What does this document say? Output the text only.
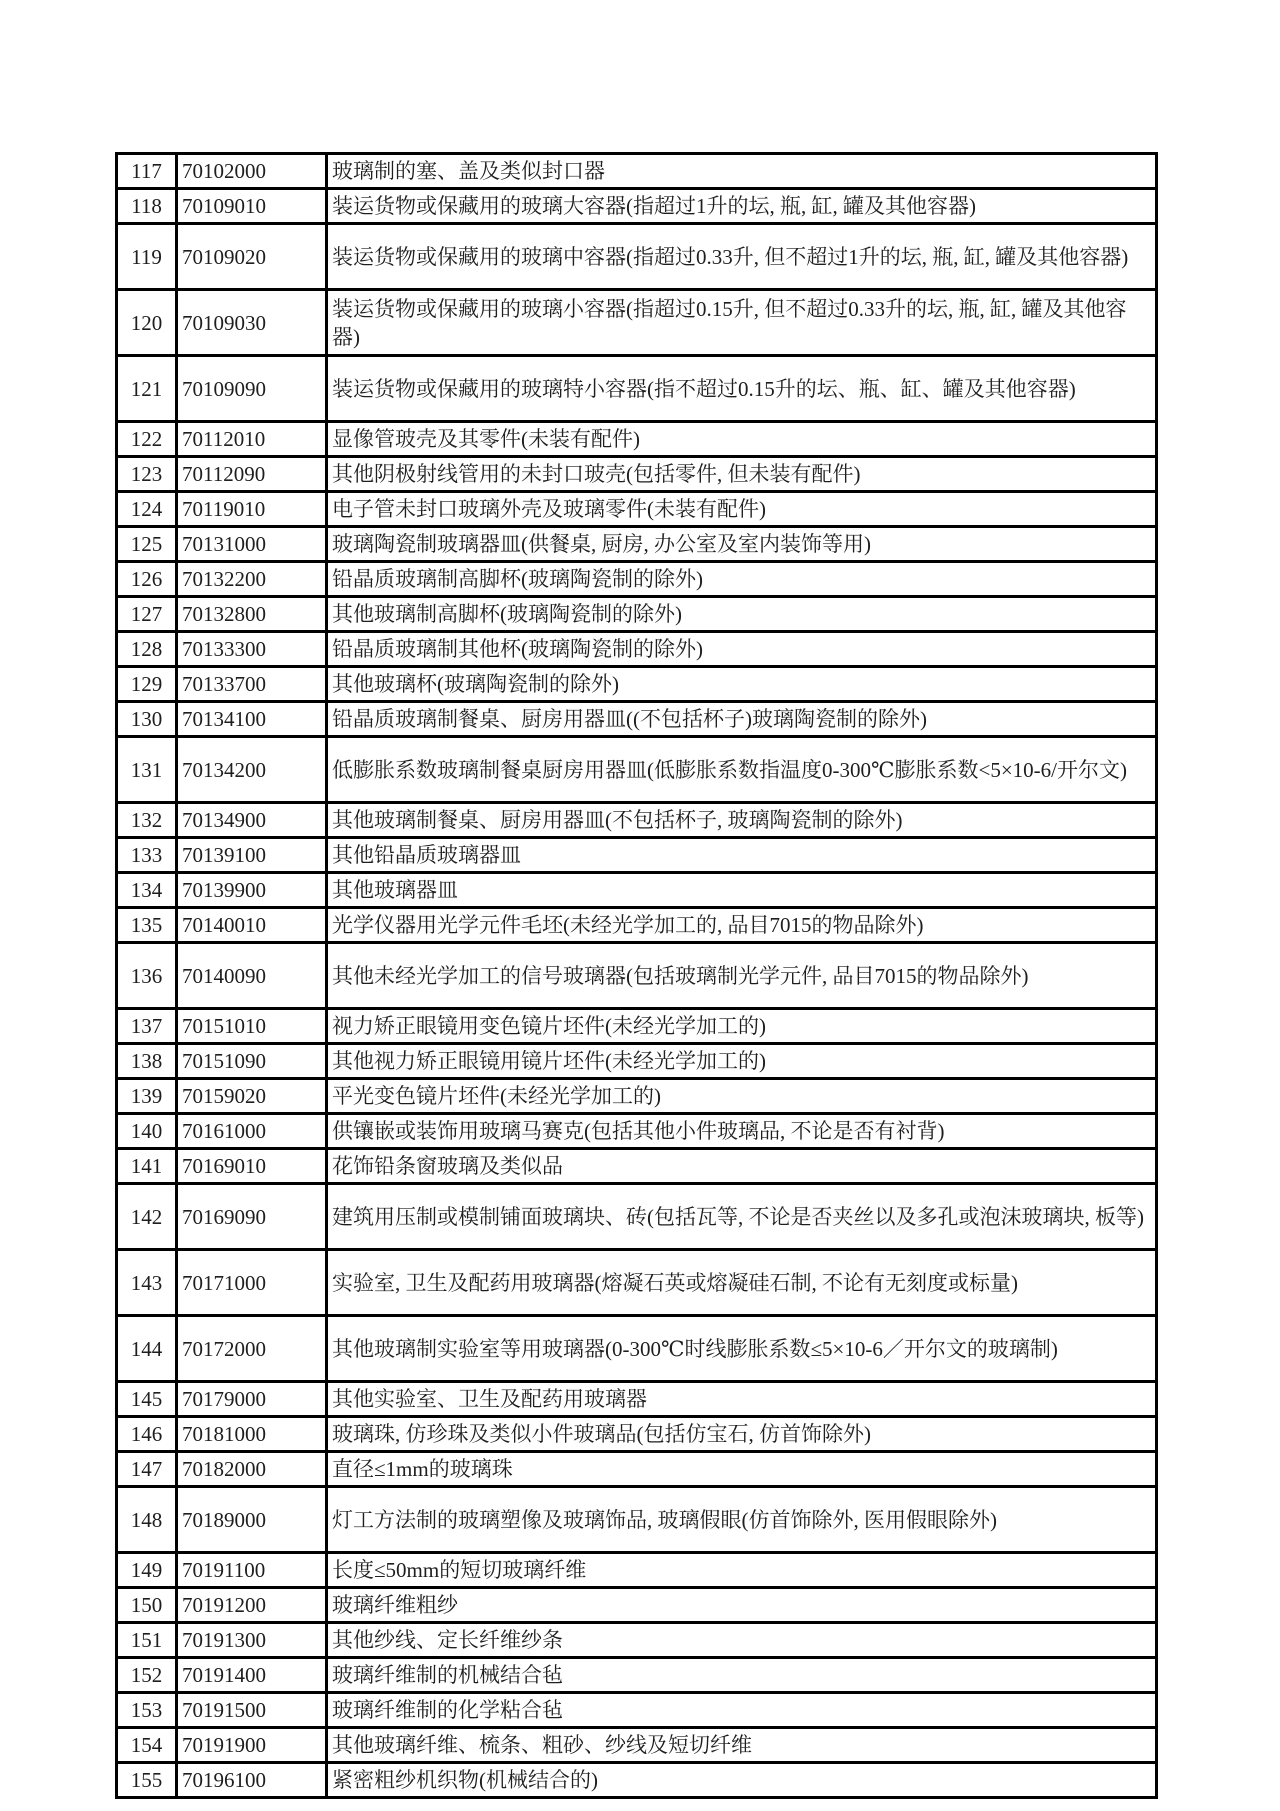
117	70102000	玻璃制的塞、盖及类似封口器
118	70109010	装运货物或保藏用的玻璃大容器(指超过1升的坛, 瓶, 缸, 罐及其他容器)
119	70109020	装运货物或保藏用的玻璃中容器(指超过0.33升, 但不超过1升的坛, 瓶, 缸, 罐及其他容器)
120	70109030	装运货物或保藏用的玻璃小容器(指超过0.15升, 但不超过0.33升的坛, 瓶, 缸, 罐及其他容器)
121	70109090	装运货物或保藏用的玻璃特小容器(指不超过0.15升的坛、瓶、缸、罐及其他容器)
122	70112010	显像管玻壳及其零件(未装有配件)
123	70112090	其他阴极射线管用的未封口玻壳(包括零件, 但未装有配件)
124	70119010	电子管未封口玻璃外壳及玻璃零件(未装有配件)
125	70131000	玻璃陶瓷制玻璃器皿(供餐桌, 厨房, 办公室及室内装饰等用)
126	70132200	铅晶质玻璃制高脚杯(玻璃陶瓷制的除外)
127	70132800	其他玻璃制高脚杯(玻璃陶瓷制的除外)
128	70133300	铅晶质玻璃制其他杯(玻璃陶瓷制的除外)
129	70133700	其他玻璃杯(玻璃陶瓷制的除外)
130	70134100	铅晶质玻璃制餐桌、厨房用器皿((不包括杯子)玻璃陶瓷制的除外)
131	70134200	低膨胀系数玻璃制餐桌厨房用器皿(低膨胀系数指温度0-300℃膨胀系数<5×10-6/开尔文)
132	70134900	其他玻璃制餐桌、厨房用器皿(不包括杯子, 玻璃陶瓷制的除外)
133	70139100	其他铅晶质玻璃器皿
134	70139900	其他玻璃器皿
135	70140010	光学仪器用光学元件毛坯(未经光学加工的, 品目7015的物品除外)
136	70140090	其他未经光学加工的信号玻璃器(包括玻璃制光学元件, 品目7015的物品除外)
137	70151010	视力矫正眼镜用变色镜片坯件(未经光学加工的)
138	70151090	其他视力矫正眼镜用镜片坯件(未经光学加工的)
139	70159020	平光变色镜片坯件(未经光学加工的)
140	70161000	供镶嵌或装饰用玻璃马赛克(包括其他小件玻璃品, 不论是否有衬背)
141	70169010	花饰铅条窗玻璃及类似品
142	70169090	建筑用压制或模制铺面玻璃块、砖(包括瓦等, 不论是否夹丝以及多孔或泡沫玻璃块, 板等)
143	70171000	实验室, 卫生及配药用玻璃器(熔凝石英或熔凝硅石制, 不论有无刻度或标量)
144	70172000	其他玻璃制实验室等用玻璃器(0-300℃时线膨胀系数≤5×10-6／开尔文的玻璃制)
145	70179000	其他实验室、卫生及配药用玻璃器
146	70181000	玻璃珠, 仿珍珠及类似小件玻璃品(包括仿宝石, 仿首饰除外)
147	70182000	直径≤1mm的玻璃珠
148	70189000	灯工方法制的玻璃塑像及玻璃饰品, 玻璃假眼(仿首饰除外, 医用假眼除外)
149	70191100	长度≤50mm的短切玻璃纤维
150	70191200	玻璃纤维粗纱
151	70191300	其他纱线、定长纤维纱条
152	70191400	玻璃纤维制的机械结合毡
153	70191500	玻璃纤维制的化学粘合毡
154	70191900	其他玻璃纤维、梳条、粗砂、纱线及短切纤维
155	70196100	紧密粗纱机织物(机械结合的)
